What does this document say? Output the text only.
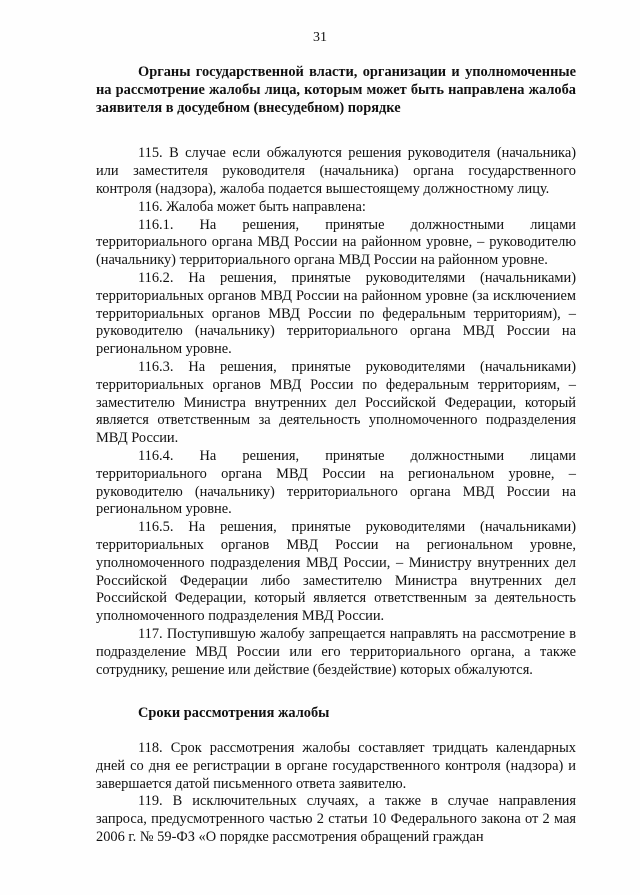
31
Органы государственной власти, организации и уполномоченные на рассмотрение жалобы лица, которым может быть направлена жалоба заявителя в досудебном (внесудебном) порядке

115. В случае если обжалуются решения руководителя (начальника) или заместителя руководителя (начальника) органа государственного контроля (надзора), жалоба подается вышестоящему должностному лицу.

116. Жалоба может быть направлена:

116.1. На решения, принятые должностными лицами территориального органа МВД России на районном уровне, – руководителю (начальнику) территориального органа МВД России на районном уровне.

116.2. На решения, принятые руководителями (начальниками) территориальных органов МВД России на районном уровне (за исключением территориальных органов МВД России по федеральным территориям), – руководителю (начальнику) территориального органа МВД России на региональном уровне.

116.3. На решения, принятые руководителями (начальниками) территориальных органов МВД России по федеральным территориям, – заместителю Министра внутренних дел Российской Федерации, который является ответственным за деятельность уполномоченного подразделения МВД России.

116.4. На решения, принятые должностными лицами территориального органа МВД России на региональном уровне, – руководителю (начальнику) территориального органа МВД России на региональном уровне.

116.5. На решения, принятые руководителями (начальниками) территориальных органов МВД России на региональном уровне, уполномоченного подразделения МВД России, – Министру внутренних дел Российской Федерации либо заместителю Министра внутренних дел Российской Федерации, который является ответственным за деятельность уполномоченного подразделения МВД России.

117. Поступившую жалобу запрещается направлять на рассмотрение в подразделение МВД России или его территориального органа, а также сотруднику, решение или действие (бездействие) которых обжалуются.

Сроки рассмотрения жалобы

118. Срок рассмотрения жалобы составляет тридцать календарных дней со дня ее регистрации в органе государственного контроля (надзора) и завершается датой письменного ответа заявителю.

119. В исключительных случаях, а также в случае направления запроса, предусмотренного частью 2 статьи 10 Федерального закона от 2 мая 2006 г. № 59-ФЗ «О порядке рассмотрения обращений граждан
